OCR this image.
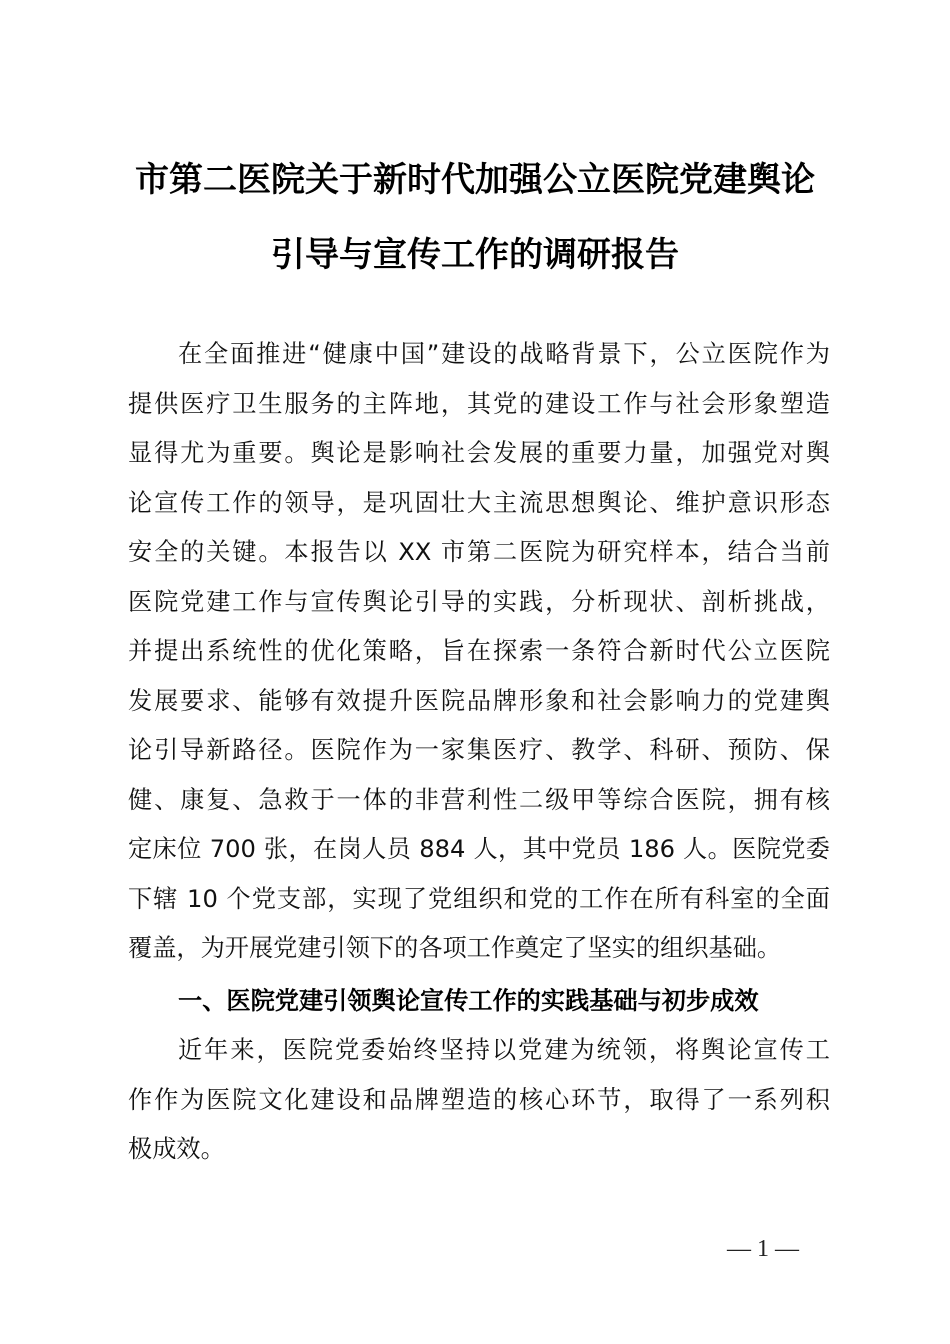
市第二医院关于新时代加强公立医院党建舆论
引导与宣传工作的调研报告
在全面推进“健康中国”建设的战略背景下，公立医院作为
提供医疗卫生服务的主阵地，其党的建设工作与社会形象塑造
显得尤为重要。舆论是影响社会发展的重要力量，加强党对舆
论宣传工作的领导，是巩固壮大主流思想舆论、维护意识形态
安全的关键。本报告以 XX 市第二医院为研究样本，结合当前
医院党建工作与宣传舆论引导的实践，分析现状、剖析挑战，
并提出系统性的优化策略，旨在探索一条符合新时代公立医院
发展要求、能够有效提升医院品牌形象和社会影响力的党建舆
论引导新路径。医院作为一家集医疗、教学、科研、预防、保
健、康复、急救于一体的非营利性二级甲等综合医院，拥有核
定床位 700 张，在岗人员 884 人，其中党员 186 人。医院党委
下辖 10 个党支部，实现了党组织和党的工作在所有科室的全面
覆盖，为开展党建引领下的各项工作奠定了坚实的组织基础。
一、医院党建引领舆论宣传工作的实践基础与初步成效
近年来，医院党委始终坚持以党建为统领，将舆论宣传工
作作为医院文化建设和品牌塑造的核心环节，取得了一系列积
极成效。
— 1 —
